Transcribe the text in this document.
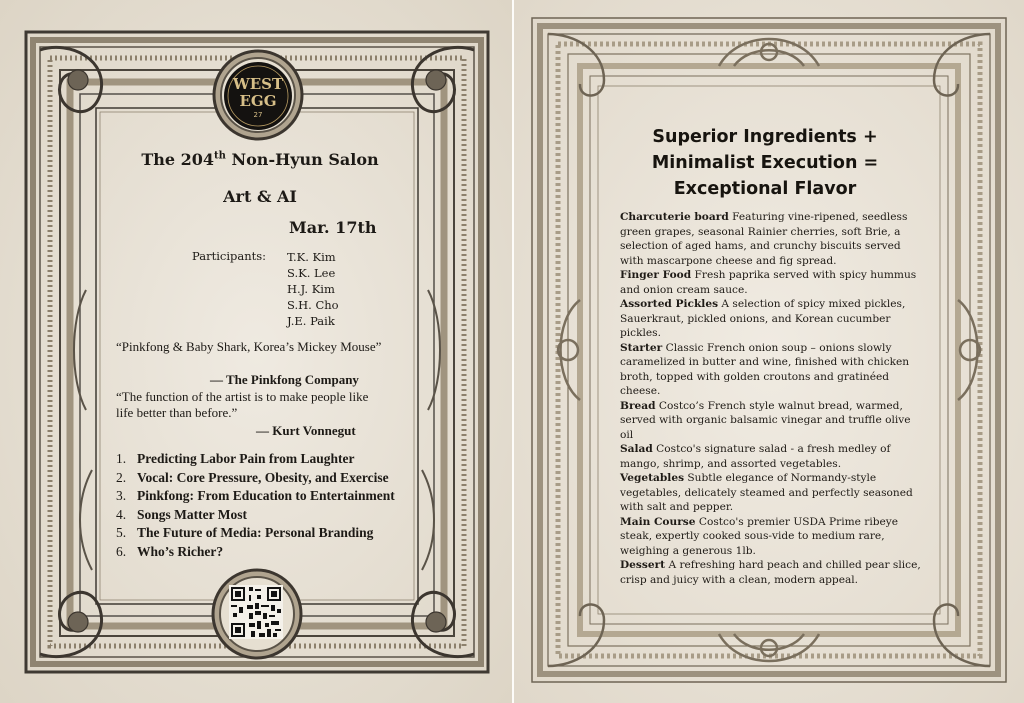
WEST
EGG
27
The 204th Non-Hyun Salon
Art & AI
Mar. 17th
Participants: T.K. Kim
S.K. Lee
H.J. Kim
S.H. Cho
J.E. Paik
“Pinkfong & Baby Shark, Korea’s Mickey Mouse”
— The Pinkfong Company
“The function of the artist is to make people like life better than before.”
— Kurt Vonnegut
1. Predicting Labor Pain from Laughter
2. Vocal: Core Pressure, Obesity, and Exercise
3. Pinkfong: From Education to Entertainment
4. Songs Matter Most
5. The Future of Media: Personal Branding
6. Who’s Richer?
Superior Ingredients +
Minimalist Execution =
Exceptional Flavor
Charcuterie board Featuring vine-ripened, seedless green grapes, seasonal Rainier cherries, soft Brie, a selection of aged hams, and crunchy biscuits served with mascarpone cheese and fig spread.
Finger Food Fresh paprika served with spicy hummus and onion cream sauce.
Assorted Pickles A selection of spicy mixed pickles, Sauerkraut, pickled onions, and Korean cucumber pickles.
Starter Classic French onion soup – onions slowly caramelized in butter and wine, finished with chicken broth, topped with golden croutons and gratinéed cheese.
Bread Costco’s French style walnut bread, warmed, served with organic balsamic vinegar and truffle olive oil
Salad Costco's signature salad - a fresh medley of mango, shrimp, and assorted vegetables.
Vegetables Subtle elegance of Normandy-style vegetables, delicately steamed and perfectly seasoned with salt and pepper.
Main Course Costco's premier USDA Prime ribeye steak, expertly cooked sous-vide to medium rare, weighing a generous 1lb.
Dessert A refreshing hard peach and chilled pear slice, crisp and juicy with a clean, modern appeal.
